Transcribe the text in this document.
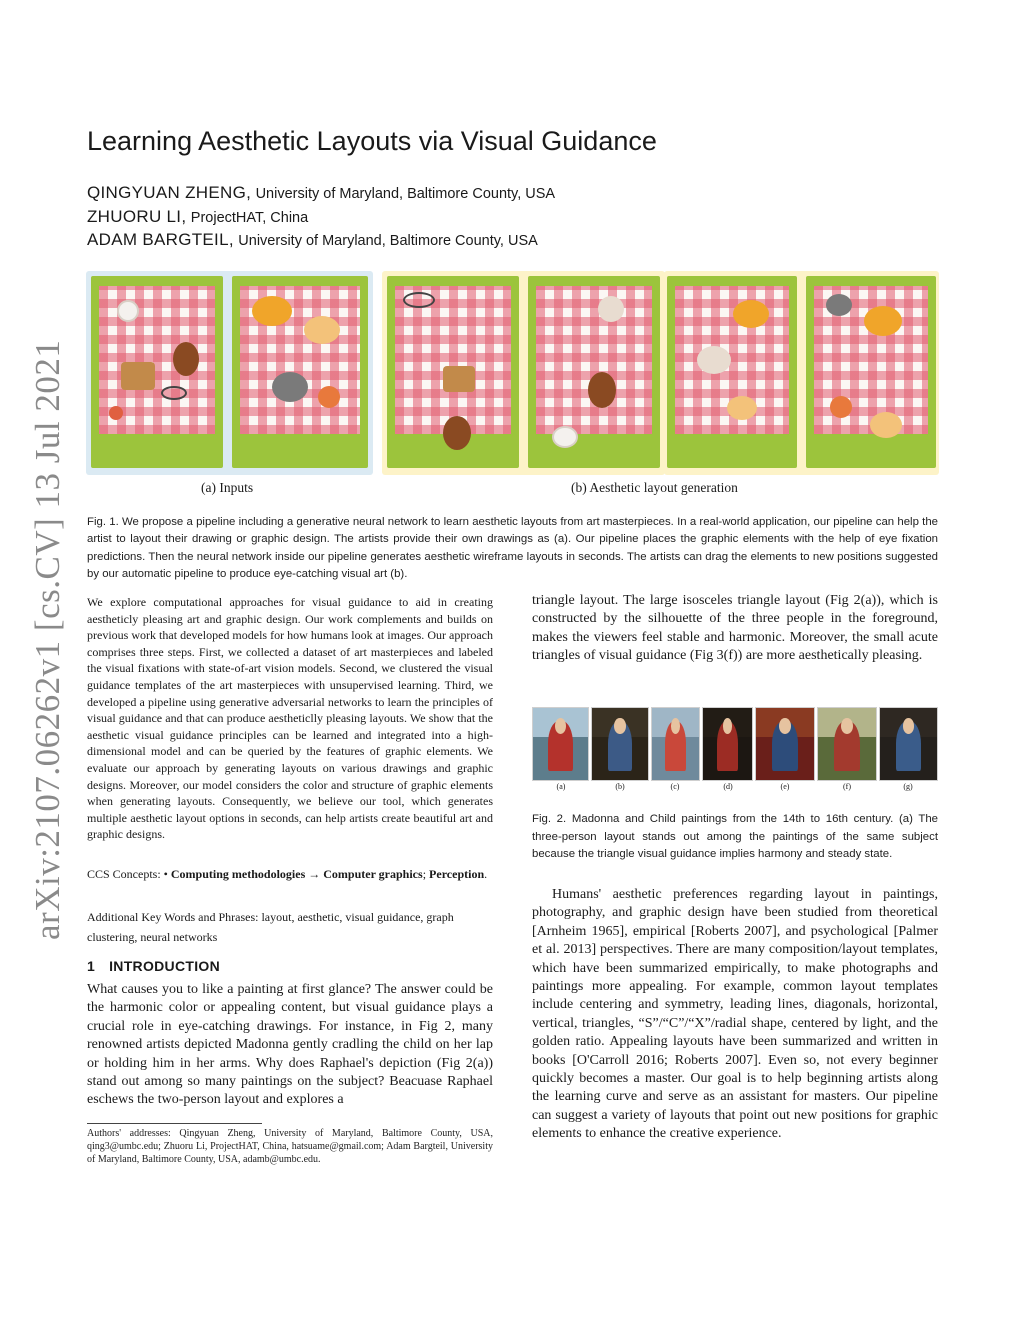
arXiv:2107.06262v1 [cs.CV] 13 Jul 2021
Learning Aesthetic Layouts via Visual Guidance
QINGYUAN ZHENG, University of Maryland, Baltimore County, USA
ZHUORU LI, ProjectHAT, China
ADAM BARGTEIL, University of Maryland, Baltimore County, USA
(a) Inputs	(b) Aesthetic layout generation

Fig. 1. We propose a pipeline including a generative neural network to learn aesthetic layouts from art masterpieces. In a real-world application, our pipeline can help the artist to layout their drawing or graphic design. The artists provide their own drawings as (a). Our pipeline places the graphic elements with the help of eye fixation predictions. Then the neural network inside our pipeline generates aesthetic wireframe layouts in seconds. The artists can drag the elements to new positions suggested by our automatic pipeline to produce eye-catching visual art (b).

We explore computational approaches for visual guidance to aid in creating aestheticly pleasing art and graphic design. Our work complements and builds on previous work that developed models for how humans look at images. Our approach comprises three steps. First, we collected a dataset of art masterpieces and labeled the visual fixations with state-of-art vision models. Second, we clustered the visual guidance templates of the art masterpieces with unsupervised learning. Third, we developed a pipeline using generative adversarial networks to learn the principles of visual guidance and that can produce aestheticlly pleasing layouts. We show that the aesthetic visual guidance principles can be learned and integrated into a high-dimensional model and can be queried by the features of graphic elements. We evaluate our approach by generating layouts on various drawings and graphic designs. Moreover, our model considers the color and structure of graphic elements when generating layouts. Consequently, we believe our tool, which generates multiple aesthetic layout options in seconds, can help artists create beautiful art and graphic designs.

CCS Concepts: • Computing methodologies → Computer graphics; Perception.

Additional Key Words and Phrases: layout, aesthetic, visual guidance, graph clustering, neural networks

1 INTRODUCTION

What causes you to like a painting at first glance? The answer could be the harmonic color or appealing content, but visual guidance plays a crucial role in eye-catching drawings. For instance, in Fig 2, many renowned artists depicted Madonna gently cradling the child on her lap or holding him in her arms. Why does Raphael's depiction (Fig 2(a)) stand out among so many paintings on the subject? Beacuase Raphael eschews the two-person layout and explores a

Authors' addresses: Qingyuan Zheng, University of Maryland, Baltimore County, USA, qing3@umbc.edu; Zhuoru Li, ProjectHAT, China, hatsuame@gmail.com; Adam Bargteil, University of Maryland, Baltimore County, USA, adamb@umbc.edu.

triangle layout. The large isosceles triangle layout (Fig 2(a)), which is constructed by the silhouette of the three people in the foreground, makes the viewers feel stable and harmonic. Moreover, the small acute triangles of visual guidance (Fig 3(f)) are more aesthetically pleasing.

(a)	(b)	(c)	(d)	(e)	(f)	(g)

Fig. 2. Madonna and Child paintings from the 14th to 16th century. (a) The three-person layout stands out among the paintings of the same subject because the triangle visual guidance implies harmony and steady state.

Humans' aesthetic preferences regarding layout in paintings, photography, and graphic design have been studied from theoretical [Arnheim 1965], empirical [Roberts 2007], and psychological [Palmer et al. 2013] perspectives. There are many composition/layout templates, which have been summarized empirically, to make photographs and paintings more appealing. For example, common layout templates include centering and symmetry, leading lines, diagonals, horizontal, vertical, triangles, “S”/“C”/“X”/radial shape, centered by light, and the golden ratio. Appealing layouts have been summarized and written in books [O'Carroll 2016; Roberts 2007]. Even so, not every beginner quickly becomes a master. Our goal is to help beginning artists along the learning curve and serve as an assistant for masters. Our pipeline can suggest a variety of layouts that point out new positions for graphic elements to enhance the creative experience.
